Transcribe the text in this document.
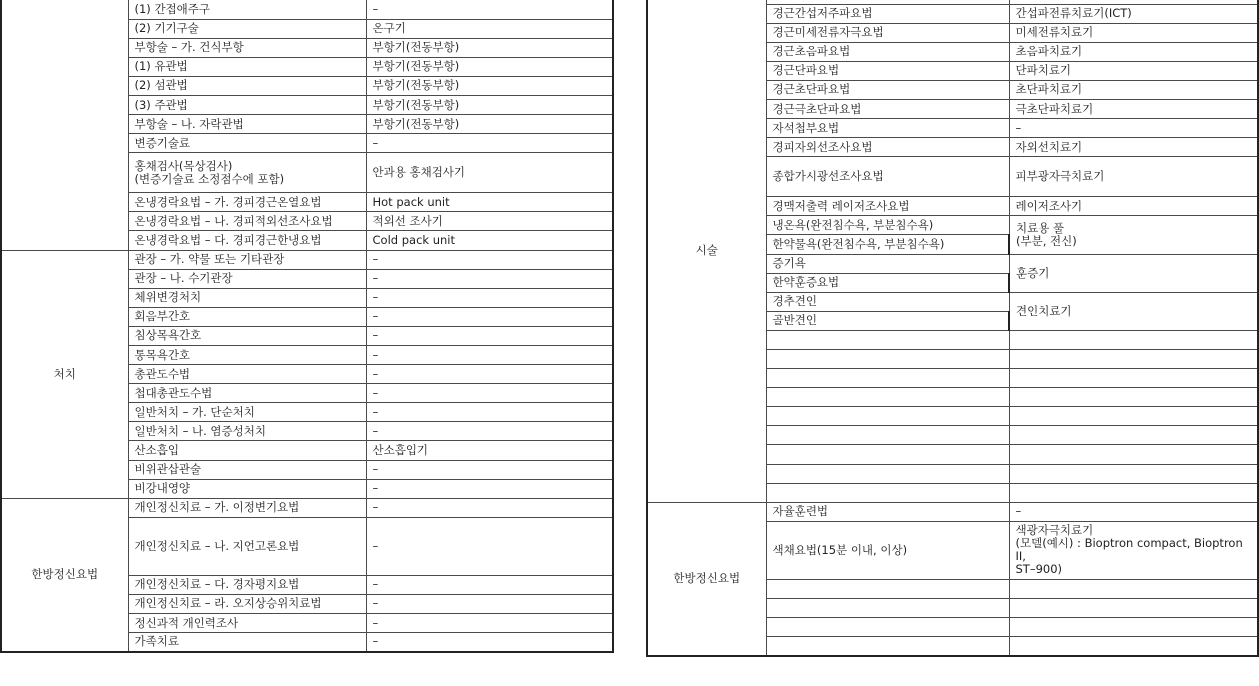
	(1) 간접애주구	–
	(2) 기기구술	온구기
	부항술 – 가. 건식부항	부항기(전동부항)
	(1) 유관법	부항기(전동부항)
	(2) 섬관법	부항기(전동부항)
	(3) 주관법	부항기(전동부항)
	부항술 – 나. 자락관법	부항기(전동부항)
	변증기술료	–
	홍채검사(목상검사)
(변증기술료 소정점수에 포함)	안과용 홍채검사기
	온냉경락요법 – 가. 경피경근온열요법	Hot pack unit
	온냉경락요법 – 나. 경피적외선조사요법	적외선 조사기
	온냉경락요법 – 다. 경피경근한냉요법	Cold pack unit
처치	관장 – 가. 약물 또는 기타관장	–
	관장 – 나. 수기관장	–
	체위변경처치	–
	회음부간호	–
	침상목욕간호	–
	통목욕간호	–
	총관도수법	–
	첩대총관도수법	–
	일반처치 – 가. 단순처치	–
	일반처치 – 나. 염증성처치	–
	산소흡입	산소흡입기
	비위관삽관술	–
	비강내영양	–
한방정신요법	개인정신치료 – 가. 이정변기요법	–
	개인정신치료 – 나. 지언고론요법	–
	개인정신치료 – 다. 경자평지요법	–
	개인정신치료 – 라. 오지상승위치료법	–
	정신과적 개인력조사	–
	가족치료	–
시술		
	경근간섭저주파요법	간섭파전류치료기(ICT)
	경근미세전류자극요법	미세전류치료기
	경근초음파요법	초음파치료기
	경근단파요법	단파치료기
	경근초단파요법	초단파치료기
	경근극초단파요법	극초단파치료기
	자석첩부요법	–
	경피자외선조사요법	자외선치료기
	종합가시광선조사요법	피부광자극치료기
	경맥저출력 레이저조사요법	레이저조사기
	냉온욕(완전침수욕, 부분침수욕)	치료용 풀
(부분, 전신)
	한약물욕(완전침수욕, 부분침수욕)	
	증기욕	훈증기
	한약훈증요법	
	경추견인	견인치료기
	골반견인	

한방정신요법	자율훈련법	–
	색채요법(15분 이내, 이상)	색광자극치료기
(모델(예시) : Bioptron compact, Bioptron II,
ST–900)
